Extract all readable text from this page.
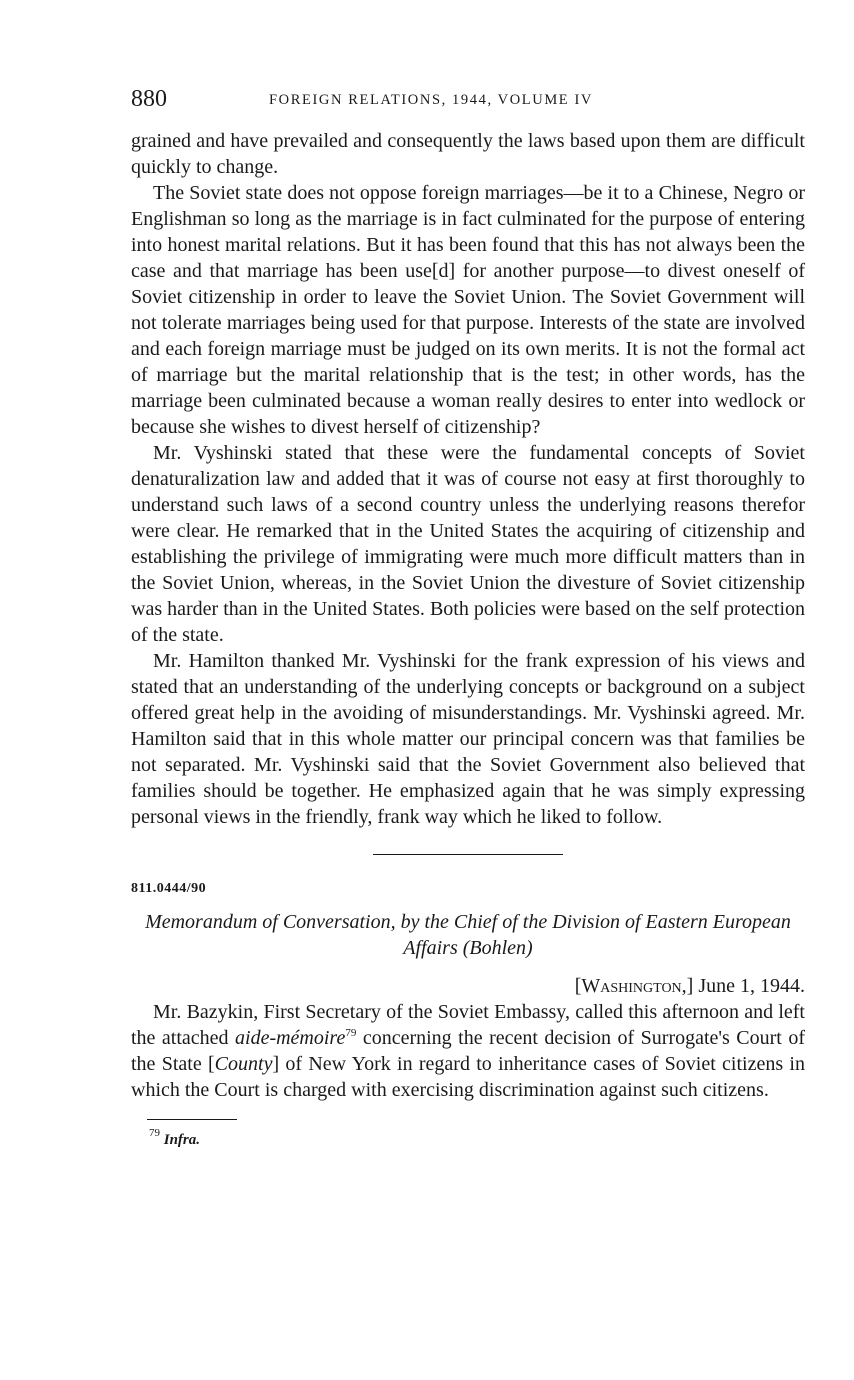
880	FOREIGN RELATIONS, 1944, VOLUME IV

grained and have prevailed and consequently the laws based upon them are difficult quickly to change.

The Soviet state does not oppose foreign marriages—be it to a Chinese, Negro or Englishman so long as the marriage is in fact culminated for the purpose of entering into honest marital relations. But it has been found that this has not always been the case and that marriage has been use[d] for another purpose—to divest oneself of Soviet citizenship in order to leave the Soviet Union. The Soviet Government will not tolerate marriages being used for that purpose. Interests of the state are involved and each foreign marriage must be judged on its own merits. It is not the formal act of marriage but the marital relationship that is the test; in other words, has the marriage been culminated because a woman really desires to enter into wedlock or because she wishes to divest herself of citizenship?

Mr. Vyshinski stated that these were the fundamental concepts of Soviet denaturalization law and added that it was of course not easy at first thoroughly to understand such laws of a second country unless the underlying reasons therefor were clear. He remarked that in the United States the acquiring of citizenship and establishing the privilege of immigrating were much more difficult matters than in the Soviet Union, whereas, in the Soviet Union the divesture of Soviet citizenship was harder than in the United States. Both policies were based on the self protection of the state.

Mr. Hamilton thanked Mr. Vyshinski for the frank expression of his views and stated that an understanding of the underlying concepts or background on a subject offered great help in the avoiding of misunderstandings. Mr. Vyshinski agreed. Mr. Hamilton said that in this whole matter our principal concern was that families be not separated. Mr. Vyshinski said that the Soviet Government also believed that families should be together. He emphasized again that he was simply expressing personal views in the friendly, frank way which he liked to follow.

811.0444/90
Memorandum of Conversation, by the Chief of the Division of Eastern European Affairs (Bohlen)
[Washington,] June 1, 1944.

Mr. Bazykin, First Secretary of the Soviet Embassy, called this afternoon and left the attached aide-mémoire$^{79}$ concerning the recent decision of Surrogate's Court of the State [County] of New York in regard to inheritance cases of Soviet citizens in which the Court is charged with exercising discrimination against such citizens.

$^{79}$ Infra.
